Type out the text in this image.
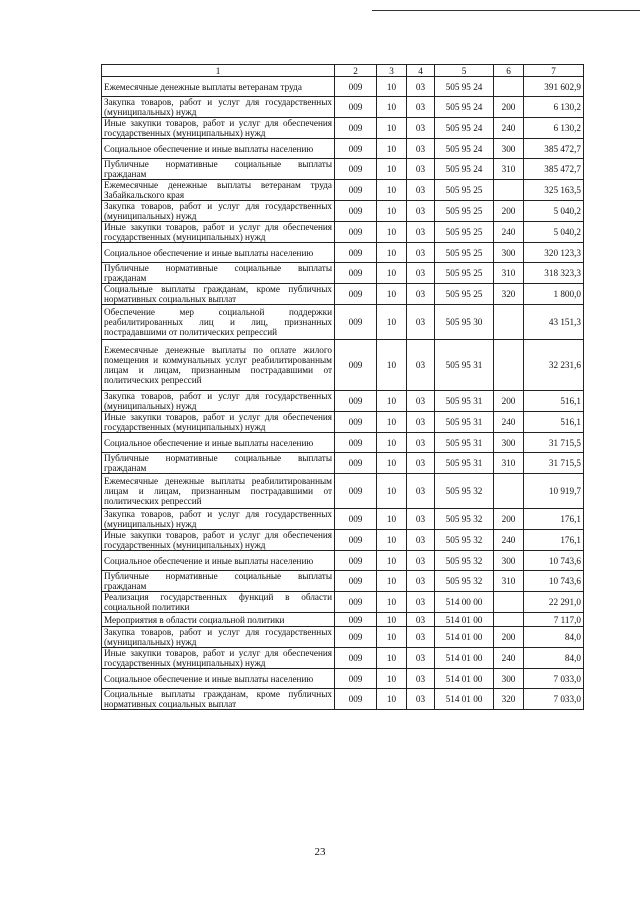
1	2	3	4	5	6	7
Ежемесячные денежные выплаты ветеранам труда	009	10	03	505 95 24		391 602,9
Закупка товаров, работ и услуг для государственных (муниципальных) нужд	009	10	03	505 95 24	200	6 130,2
Иные закупки товаров, работ и услуг для обеспечения государственных (муниципальных) нужд	009	10	03	505 95 24	240	6 130,2
Социальное обеспечение и иные выплаты населению	009	10	03	505 95 24	300	385 472,7
Публичные нормативные социальные выплаты гражданам	009	10	03	505 95 24	310	385 472,7
Ежемесячные денежные выплаты ветеранам труда Забайкальского края	009	10	03	505 95 25		325 163,5
Закупка товаров, работ и услуг для государственных (муниципальных) нужд	009	10	03	505 95 25	200	5 040,2
Иные закупки товаров, работ и услуг для обеспечения государственных (муниципальных) нужд	009	10	03	505 95 25	240	5 040,2
Социальное обеспечение и иные выплаты населению	009	10	03	505 95 25	300	320 123,3
Публичные нормативные социальные выплаты гражданам	009	10	03	505 95 25	310	318 323,3
Социальные выплаты гражданам, кроме публичных нормативных социальных выплат	009	10	03	505 95 25	320	1 800,0
Обеспечение мер социальной поддержки реабилитированных лиц и лиц, признанных пострадавшими от политических репрессий	009	10	03	505 95 30		43 151,3
Ежемесячные денежные выплаты по оплате жилого помещения и коммунальных услуг реабилитированным лицам и лицам, признанным пострадавшими от политических репрессий	009	10	03	505 95 31		32 231,6
Закупка товаров, работ и услуг для государственных (муниципальных) нужд	009	10	03	505 95 31	200	516,1
Иные закупки товаров, работ и услуг для обеспечения государственных (муниципальных) нужд	009	10	03	505 95 31	240	516,1
Социальное обеспечение и иные выплаты населению	009	10	03	505 95 31	300	31 715,5
Публичные нормативные социальные выплаты гражданам	009	10	03	505 95 31	310	31 715,5
Ежемесячные денежные выплаты реабилитированным лицам и лицам, признанным пострадавшими от политических репрессий	009	10	03	505 95 32		10 919,7
Закупка товаров, работ и услуг для государственных (муниципальных) нужд	009	10	03	505 95 32	200	176,1
Иные закупки товаров, работ и услуг для обеспечения государственных (муниципальных) нужд	009	10	03	505 95 32	240	176,1
Социальное обеспечение и иные выплаты населению	009	10	03	505 95 32	300	10 743,6
Публичные нормативные социальные выплаты гражданам	009	10	03	505 95 32	310	10 743,6
Реализация государственных функций в области социальной политики	009	10	03	514 00 00		22 291,0
Мероприятия в области социальной политики	009	10	03	514 01 00		7 117,0
Закупка товаров, работ и услуг для государственных (муниципальных) нужд	009	10	03	514 01 00	200	84,0
Иные закупки товаров, работ и услуг для обеспечения государственных (муниципальных) нужд	009	10	03	514 01 00	240	84,0
Социальное обеспечение и иные выплаты населению	009	10	03	514 01 00	300	7 033,0
Социальные выплаты гражданам, кроме публичных нормативных социальных выплат	009	10	03	514 01 00	320	7 033,0
23
